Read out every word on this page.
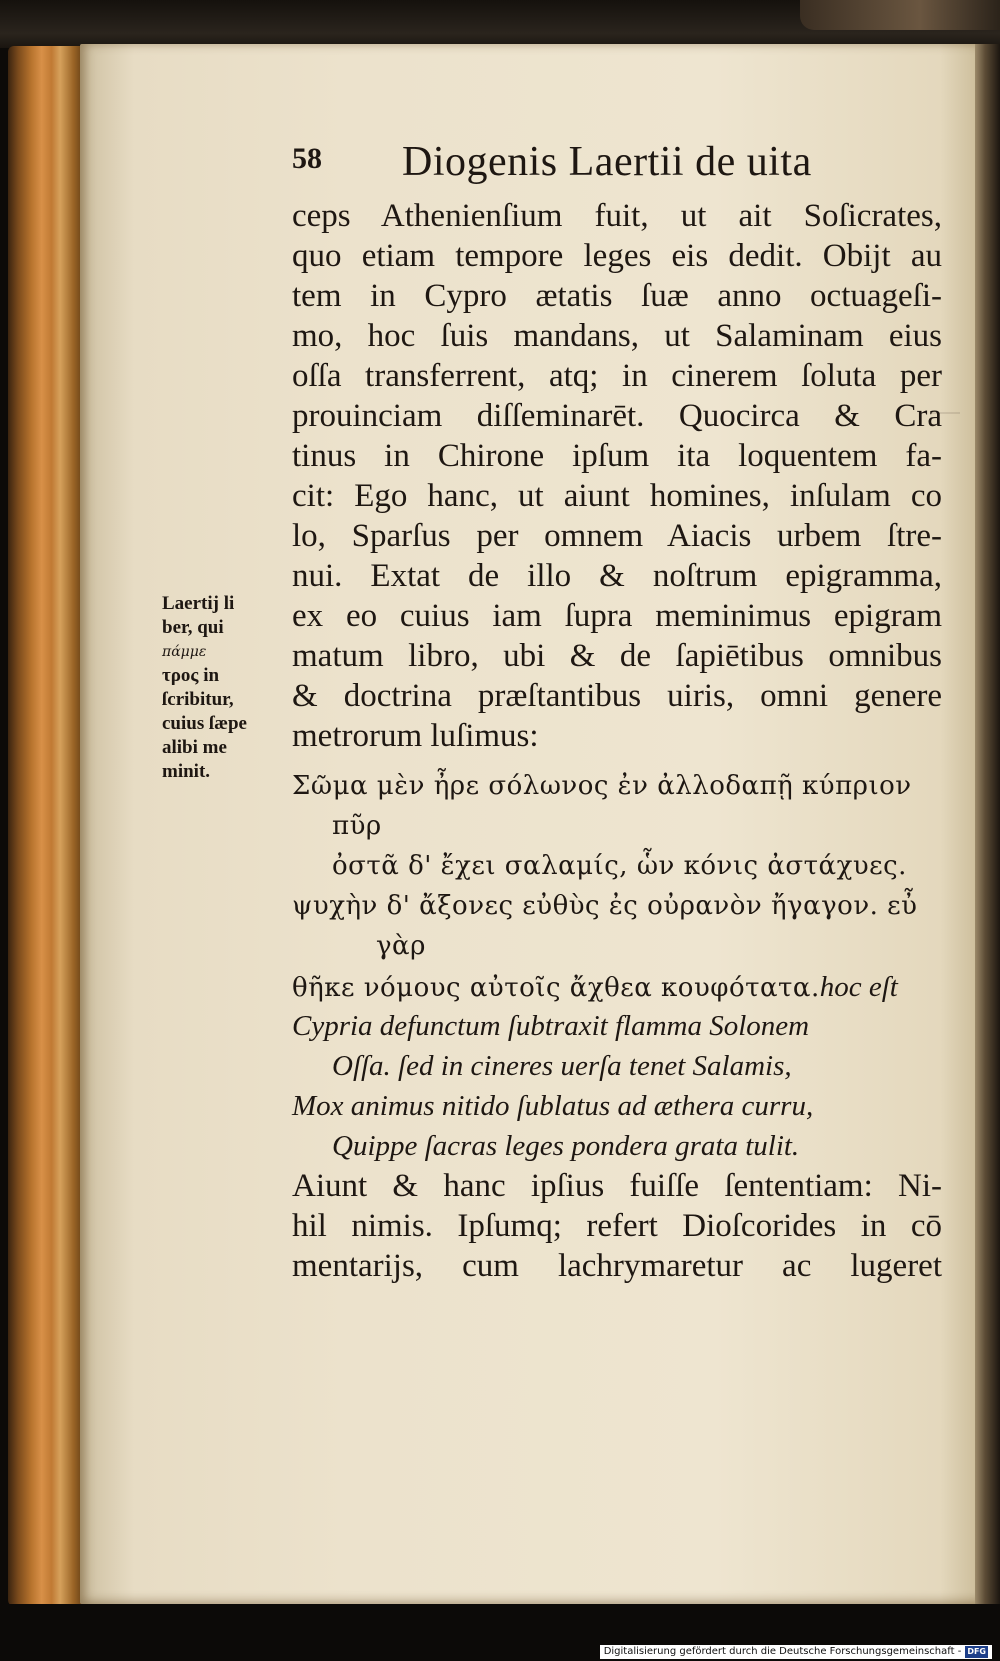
58 Diogenis Laertii de uita
ceps Athenienſium fuit, ut ait Soſicrates,
quo etiam tempore leges eis dedit. Obijt au
tem in Cypro ætatis ſuæ anno octuageſi-
mo, hoc ſuis mandans, ut Salaminam eius
oſſa transferrent, atq; in cinerem ſoluta per
prouinciam diſſeminarēt. Quocirca & Cra
tinus in Chirone ipſum ita loquentem fa-
cit: Ego hanc, ut aiunt homines, inſulam co
lo, Sparſus per omnem Aiacis urbem ſtre-
nui. Extat de illo & noſtrum epigramma,
ex eo cuius iam ſupra meminimus epigram
matum libro, ubi & de ſapiētibus omnibus
& doctrina præſtantibus uiris, omni genere
metrorum luſimus:
Σῶμα μὲν ἦρε σόλωνος ἐν ἀλλοδαπῇ κύπριον
πῦρ
ὀστᾶ δ' ἔχει σαλαμίς, ὧν κόνις ἀστάχυες.
ψυχὴν δ' ἄξονες εὐθὺς ἐς οὐρανὸν ἤγαγον. εὖ
γὰρ
θῆκε νόμους αὐτοῖς ἄχθεα κουφότατα.hoc eſt
Cypria defunctum ſubtraxit flamma Solonem
Oſſa. ſed in cineres uerſa tenet Salamis,
Mox animus nitido ſublatus ad æthera curru,
Quippe ſacras leges pondera grata tulit.
Aiunt & hanc ipſius fuiſſe ſententiam: Ni-
hil nimis. Ipſumq; refert Dioſcorides in cō
mentarijs, cum lachrymaretur ac lugeret
Laertij li
ber, qui
πάμμε
τρος in
ſcribitur,
cuius ſæpe
alibi me
minit.
Digitalisierung gefördert durch die Deutsche Forschungsgemeinschaft - DFG
